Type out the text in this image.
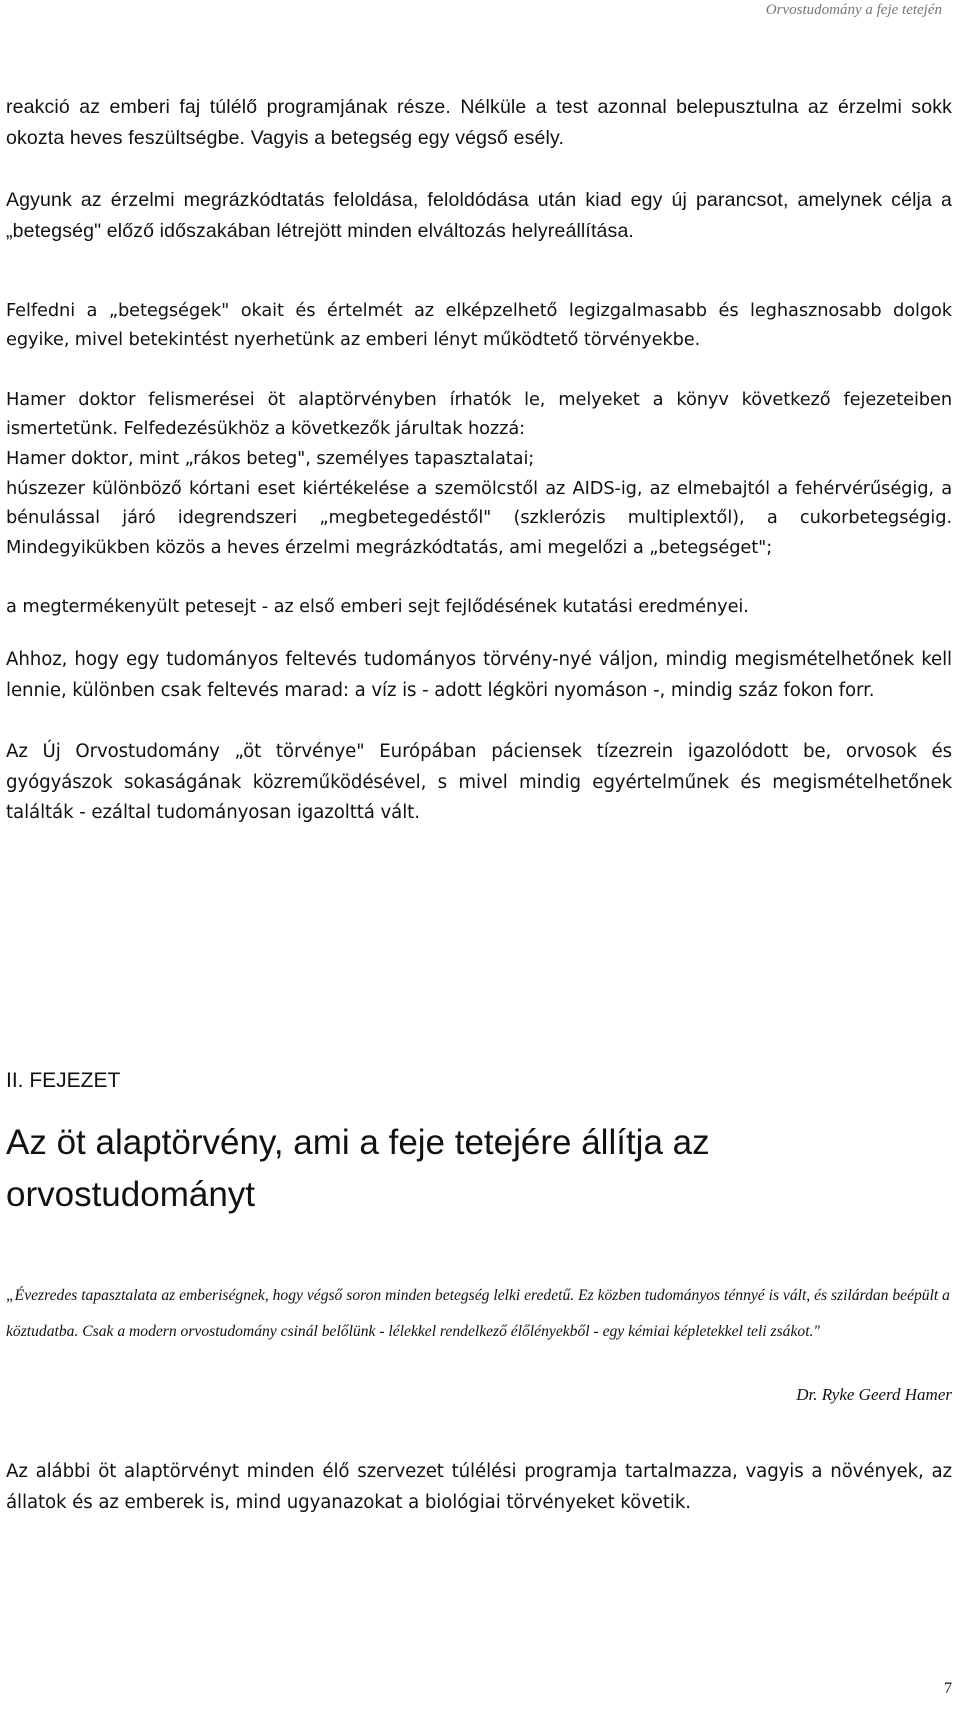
Orvostudomány a feje tetején

reakció az emberi faj túlélő programjának része. Nélküle a test azonnal belepusztulna az érzelmi sokk okozta heves feszültségbe. Vagyis a betegség egy végső esély.

Agyunk az érzelmi megrázkódtatás feloldása, feloldódása után kiad egy új parancsot, amelynek célja a „betegség" előző időszakában létrejött minden elváltozás helyreállítása.

Felfedni a „betegségek" okait és értelmét az elképzelhető legizgalmasabb és leghasznosabb dolgok egyike, mivel betekintést nyerhetünk az emberi lényt működtető törvényekbe.

Hamer doktor felismerései öt alaptörvényben írhatók le, melyeket a könyv következő fejezeteiben ismertetünk. Felfedezésükhöz a következők járultak hozzá:

Hamer doktor, mint „rákos beteg", személyes tapasztalatai;

húszezer különböző kórtani eset kiértékelése a szemölcstől az AIDS-ig, az elmebajtól a fehérvérűségig, a bénulással járó idegrendszeri „megbetegedéstől" (szklerózis multiplextől), a cukorbetegségig. Mindegyikükben közös a heves érzelmi megrázkódtatás, ami megelőzi a „betegséget";

a megtermékenyült petesejt - az első emberi sejt fejlődésének kutatási eredményei.

Ahhoz, hogy egy tudományos feltevés tudományos törvény-nyé váljon, mindig megismételhetőnek kell lennie, különben csak feltevés marad: a víz is - adott légköri nyomáson -, mindig száz fokon forr.

Az Új Orvostudomány „öt törvénye" Európában páciensek tízezrein igazolódott be, orvosok és gyógyászok sokaságának közreműködésével, s mivel mindig egyértelműnek és megismételhetőnek találták - ezáltal tudományosan igazolttá vált.

II. FEJEZET
Az öt alaptörvény, ami a feje tetejére állítja az orvostudományt

„Évezredes tapasztalata az emberiségnek, hogy végső soron minden betegség lelki eredetű. Ez közben tudományos ténnyé is vált, és szilárdan beépült a köztudatba. Csak a modern orvostudomány csinál belőlünk - lélekkel rendelkező élőlényekből - egy kémiai képletekkel teli zsákot."

Dr. Ryke Geerd Hamer

Az alábbi öt alaptörvényt minden élő szervezet túlélési programja tartalmazza, vagyis a növények, az állatok és az emberek is, mind ugyanazokat a biológiai törvényeket követik.

7
